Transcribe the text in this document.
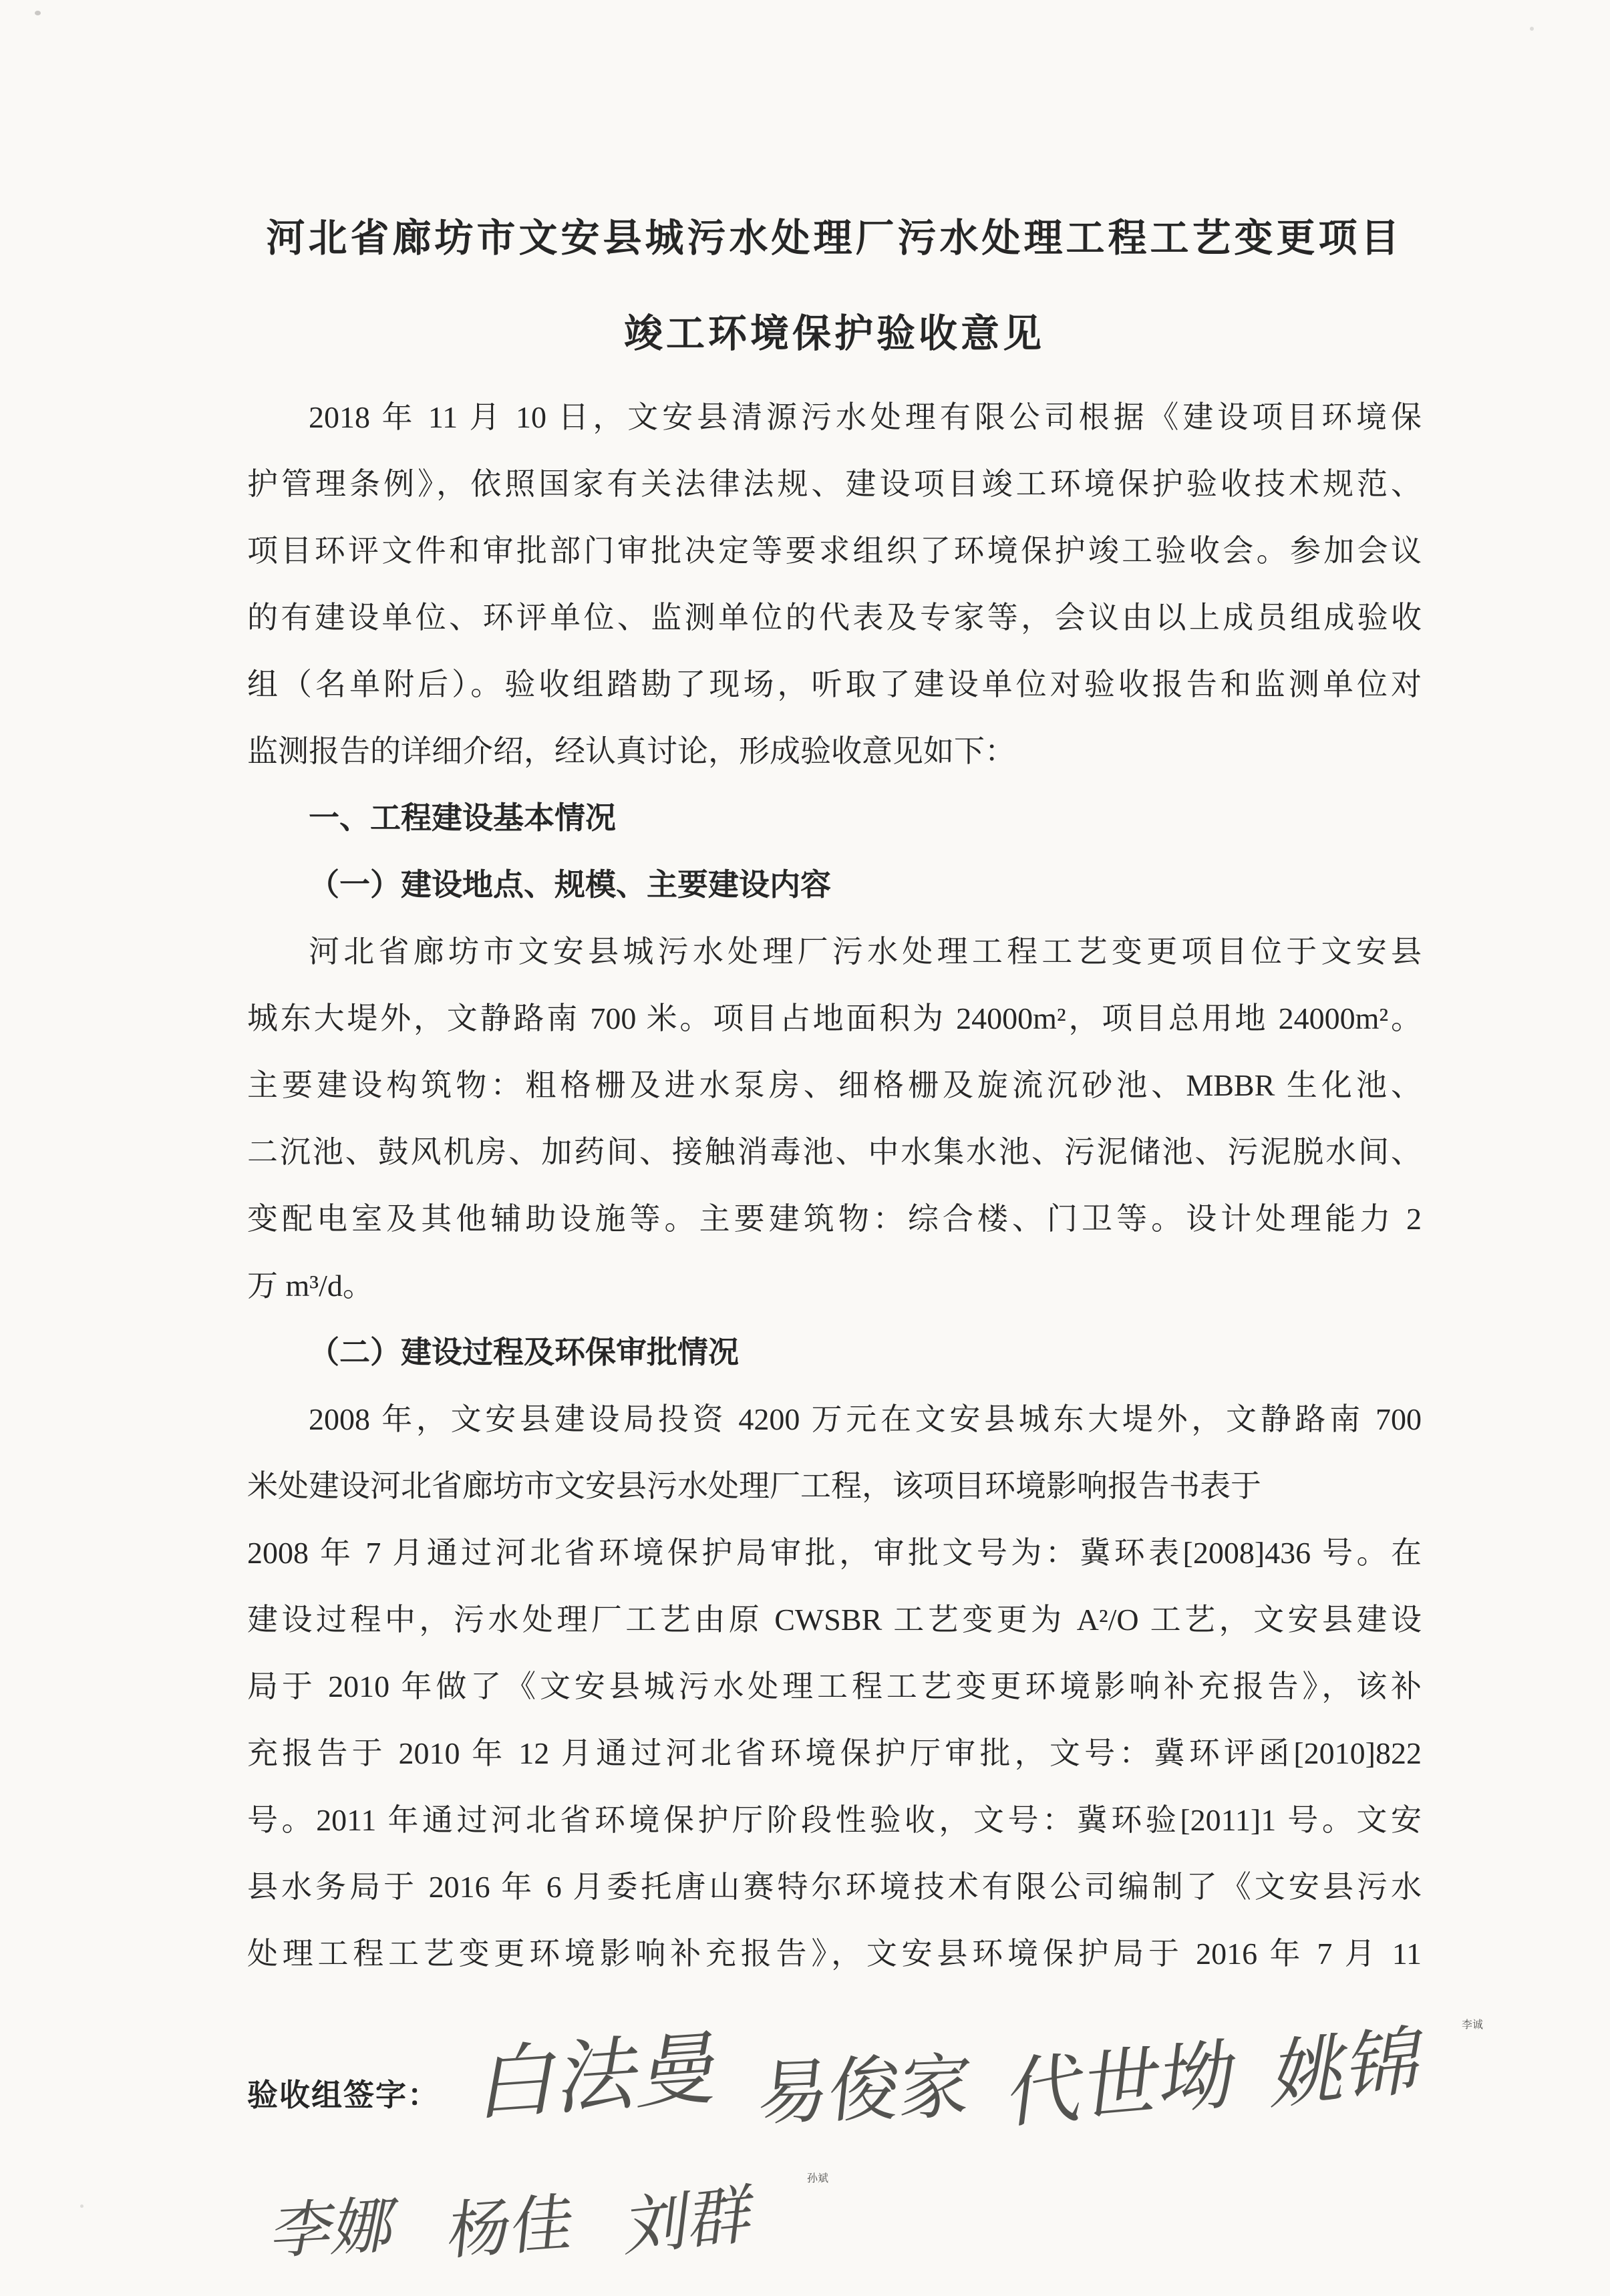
河北省廊坊市文安县城污水处理厂污水处理工程工艺变更项目
竣工环境保护验收意见
2018 年 11 月 10 日，文安县清源污水处理有限公司根据《建设项目环境保
护管理条例》，依照国家有关法律法规、建设项目竣工环境保护验收技术规范、
项目环评文件和审批部门审批决定等要求组织了环境保护竣工验收会。参加会议
的有建设单位、环评单位、监测单位的代表及专家等，会议由以上成员组成验收
组（名单附后）。验收组踏勘了现场，听取了建设单位对验收报告和监测单位对
监测报告的详细介绍，经认真讨论，形成验收意见如下：
一、工程建设基本情况
（一）建设地点、规模、主要建设内容
河北省廊坊市文安县城污水处理厂污水处理工程工艺变更项目位于文安县
城东大堤外，文静路南 700 米。项目占地面积为 24000m²，项目总用地 24000m²。
主要建设构筑物：粗格栅及进水泵房、细格栅及旋流沉砂池、MBBR 生化池、
二沉池、鼓风机房、加药间、接触消毒池、中水集水池、污泥储池、污泥脱水间、
变配电室及其他辅助设施等。主要建筑物：综合楼、门卫等。设计处理能力 2
万 m³/d。
（二）建设过程及环保审批情况
2008 年，文安县建设局投资 4200 万元在文安县城东大堤外，文静路南 700
米处建设河北省廊坊市文安县污水处理厂工程，该项目环境影响报告书表于
2008 年 7 月通过河北省环境保护局审批，审批文号为：冀环表[2008]436 号。在
建设过程中，污水处理厂工艺由原 CWSBR 工艺变更为 A²/O 工艺，文安县建设
局于 2010 年做了《文安县城污水处理工程工艺变更环境影响补充报告》，该补
充报告于 2010 年 12 月通过河北省环境保护厅审批，文号：冀环评函[2010]822
号。2011 年通过河北省环境保护厅阶段性验收，文号：冀环验[2011]1 号。文安
县水务局于 2016 年 6 月委托唐山赛特尔环境技术有限公司编制了《文安县污水
处理工程工艺变更环境影响补充报告》，文安县环境保护局于 2016 年 7 月 11
验收组签字： 白法曼 易俊家 代世坳 姚锦	李诚
李娜 杨佳 刘群	孙斌
